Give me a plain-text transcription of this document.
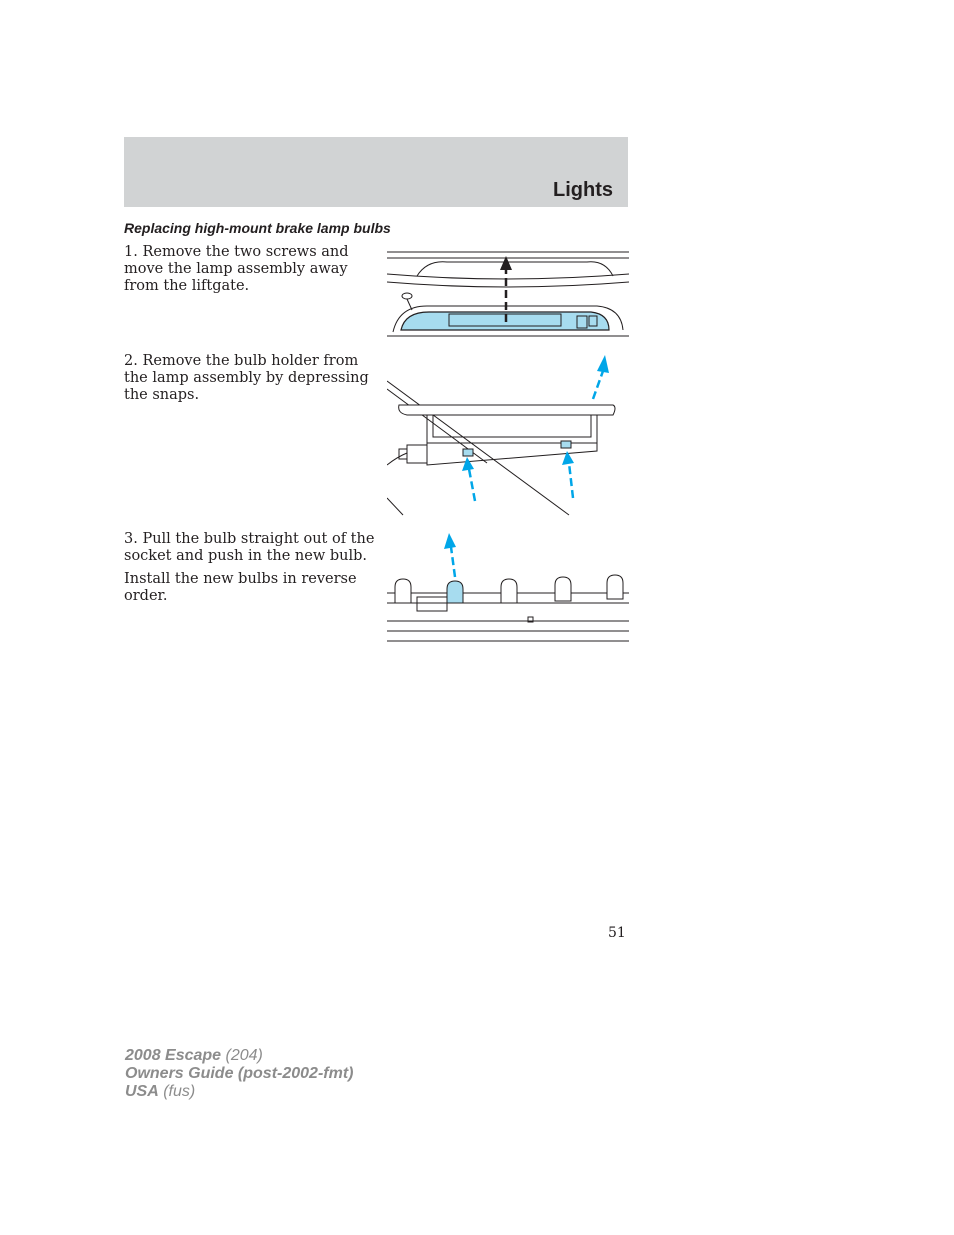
Lights
Replacing high-mount brake lamp bulbs

1. Remove the two screws and move the lamp assembly away from the liftgate.

2. Remove the bulb holder from the lamp assembly by depressing the snaps.

3. Pull the bulb straight out of the socket and push in the new bulb.

Install the new bulbs in reverse order.

51
2008 Escape (204)
Owners Guide (post-2002-fmt)
USA (fus)
